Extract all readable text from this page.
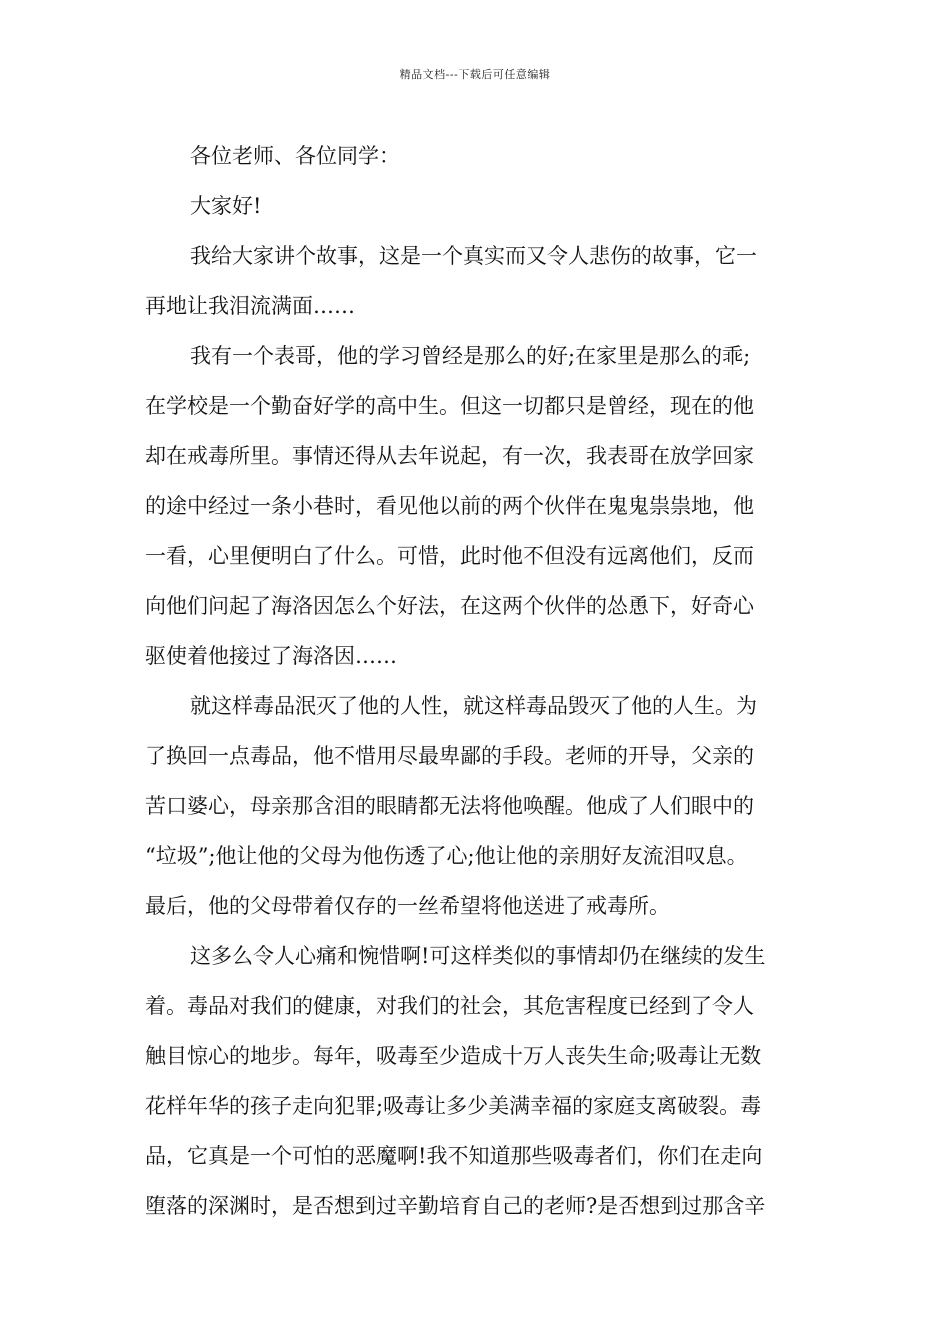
精品文档---下载后可任意编辑
各位老师、各位同学：
大家好!
我给大家讲个故事，这是一个真实而又令人悲伤的故事，它一
再地让我泪流满面……
我有一个表哥，他的学习曾经是那么的好;在家里是那么的乖;
在学校是一个勤奋好学的高中生。但这一切都只是曾经，现在的他
却在戒毒所里。事情还得从去年说起，有一次，我表哥在放学回家
的途中经过一条小巷时，看见他以前的两个伙伴在鬼鬼祟祟地，他
一看，心里便明白了什么。可惜，此时他不但没有远离他们，反而
向他们问起了海洛因怎么个好法，在这两个伙伴的怂恿下，好奇心
驱使着他接过了海洛因……
就这样毒品泯灭了他的人性，就这样毒品毁灭了他的人生。为
了换回一点毒品，他不惜用尽最卑鄙的手段。老师的开导，父亲的
苦口婆心，母亲那含泪的眼睛都无法将他唤醒。他成了人们眼中的
“垃圾”;他让他的父母为他伤透了心;他让他的亲朋好友流泪叹息。
最后，他的父母带着仅存的一丝希望将他送进了戒毒所。
这多么令人心痛和惋惜啊!可这样类似的事情却仍在继续的发生
着。毒品对我们的健康，对我们的社会，其危害程度已经到了令人
触目惊心的地步。每年，吸毒至少造成十万人丧失生命;吸毒让无数
花样年华的孩子走向犯罪;吸毒让多少美满幸福的家庭支离破裂。毒
品，它真是一个可怕的恶魔啊!我不知道那些吸毒者们，你们在走向
堕落的深渊时，是否想到过辛勤培育自己的老师?是否想到过那含辛
